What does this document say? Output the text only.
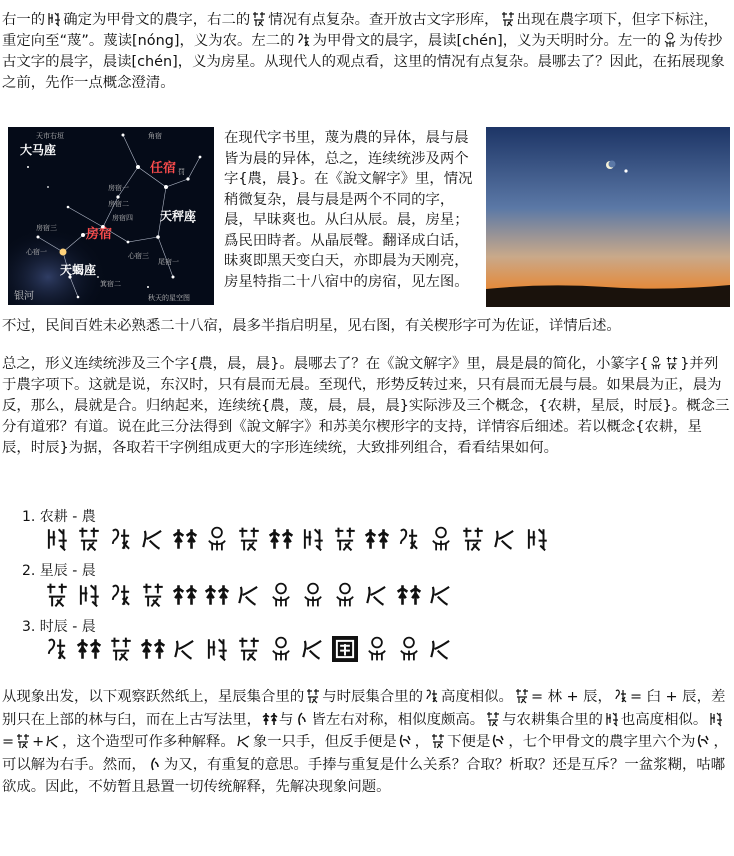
右一的 确定为甲骨文的農字，右二的 情况有点复杂。查开放古文字形库， 出现在農字项下，但字下标注，重定向至“蔑”。蔑读[nóng]，义为农。左二的 为甲骨文的晨字，晨读[chén]，义为天明时分。左一的 为传抄古文字的晨字，晨读[chén]，义为房星。从现代人的观点看，这里的情况有点复杂。晨哪去了？因此，在拓展现象之前，先作一点概念澄清。

大马座
任宿
房宿
天秤座
天蝎座
银河	秋天的星空图
天市右垣	角宿
罚
房宿一
房宿二
房宿三
房宿四
心宿一	心宿三
尾宿一
箕宿二
在现代字书里，蔑为農的异体，晨与晨皆为晨的异体，总之，连续统涉及两个字{農，晨}。在《說文解字》里，情况稍微复杂，晨与晨是两个不同的字，晨，早昧爽也。从臼从辰。晨，房星；爲民田時者。从晶辰聲。翻译成白话，昧爽即黑天变白天，亦即晨为天刚亮，房星特指二十八宿中的房宿，见左图。

不过，民间百姓未必熟悉二十八宿，晨多半指启明星，见右图，有关楔形字可为佐证，详情后述。

总之，形义连续统涉及三个字{農，晨，晨}。晨哪去了？在《說文解字》里，晨是晨的简化，小篆字{ }并列于農字项下。这就是说，东汉时，只有晨而无晨。至现代，形势反转过来，只有晨而无晨与晨。如果晨为正，晨为反，那么，晨就是合。归纳起来，连续统{農，蔑，晨，晨，晨}实际涉及三个概念，{农耕，星辰，时辰}。概念三分有道邪？有道。说在此三分法得到《說文解字》和苏美尔楔形字的支持，详情容后细述。若以概念{农耕，星辰，时辰}为据，各取若干字例组成更大的字形连续统，大致排列组合，看看结果如何。

1. 农耕 - 農
2. 星辰 - 晨
3. 时辰 - 晨

从现象出发，以下观察跃然纸上，星辰集合里的 与时辰集合里的 高度相似。 = 林 + 辰， = 臼 + 辰，差别只在上部的林与臼，而在上古写法里， 与 皆左右对称，相似度颇高。 与农耕集合里的 也高度相似。
= + ，这个造型可作多种解释。 象一只手，但反手便是 ， 下便是 ，七个甲骨文的農字里六个为 ，可以解为右手。然而， 为又，有重复的意思。手捧与重复是什么关系？合取？析取？还是互斥？一盆浆糊，咕嘟欲成。因此，不妨暂且悬置一切传统解释，先解决现象问题。
